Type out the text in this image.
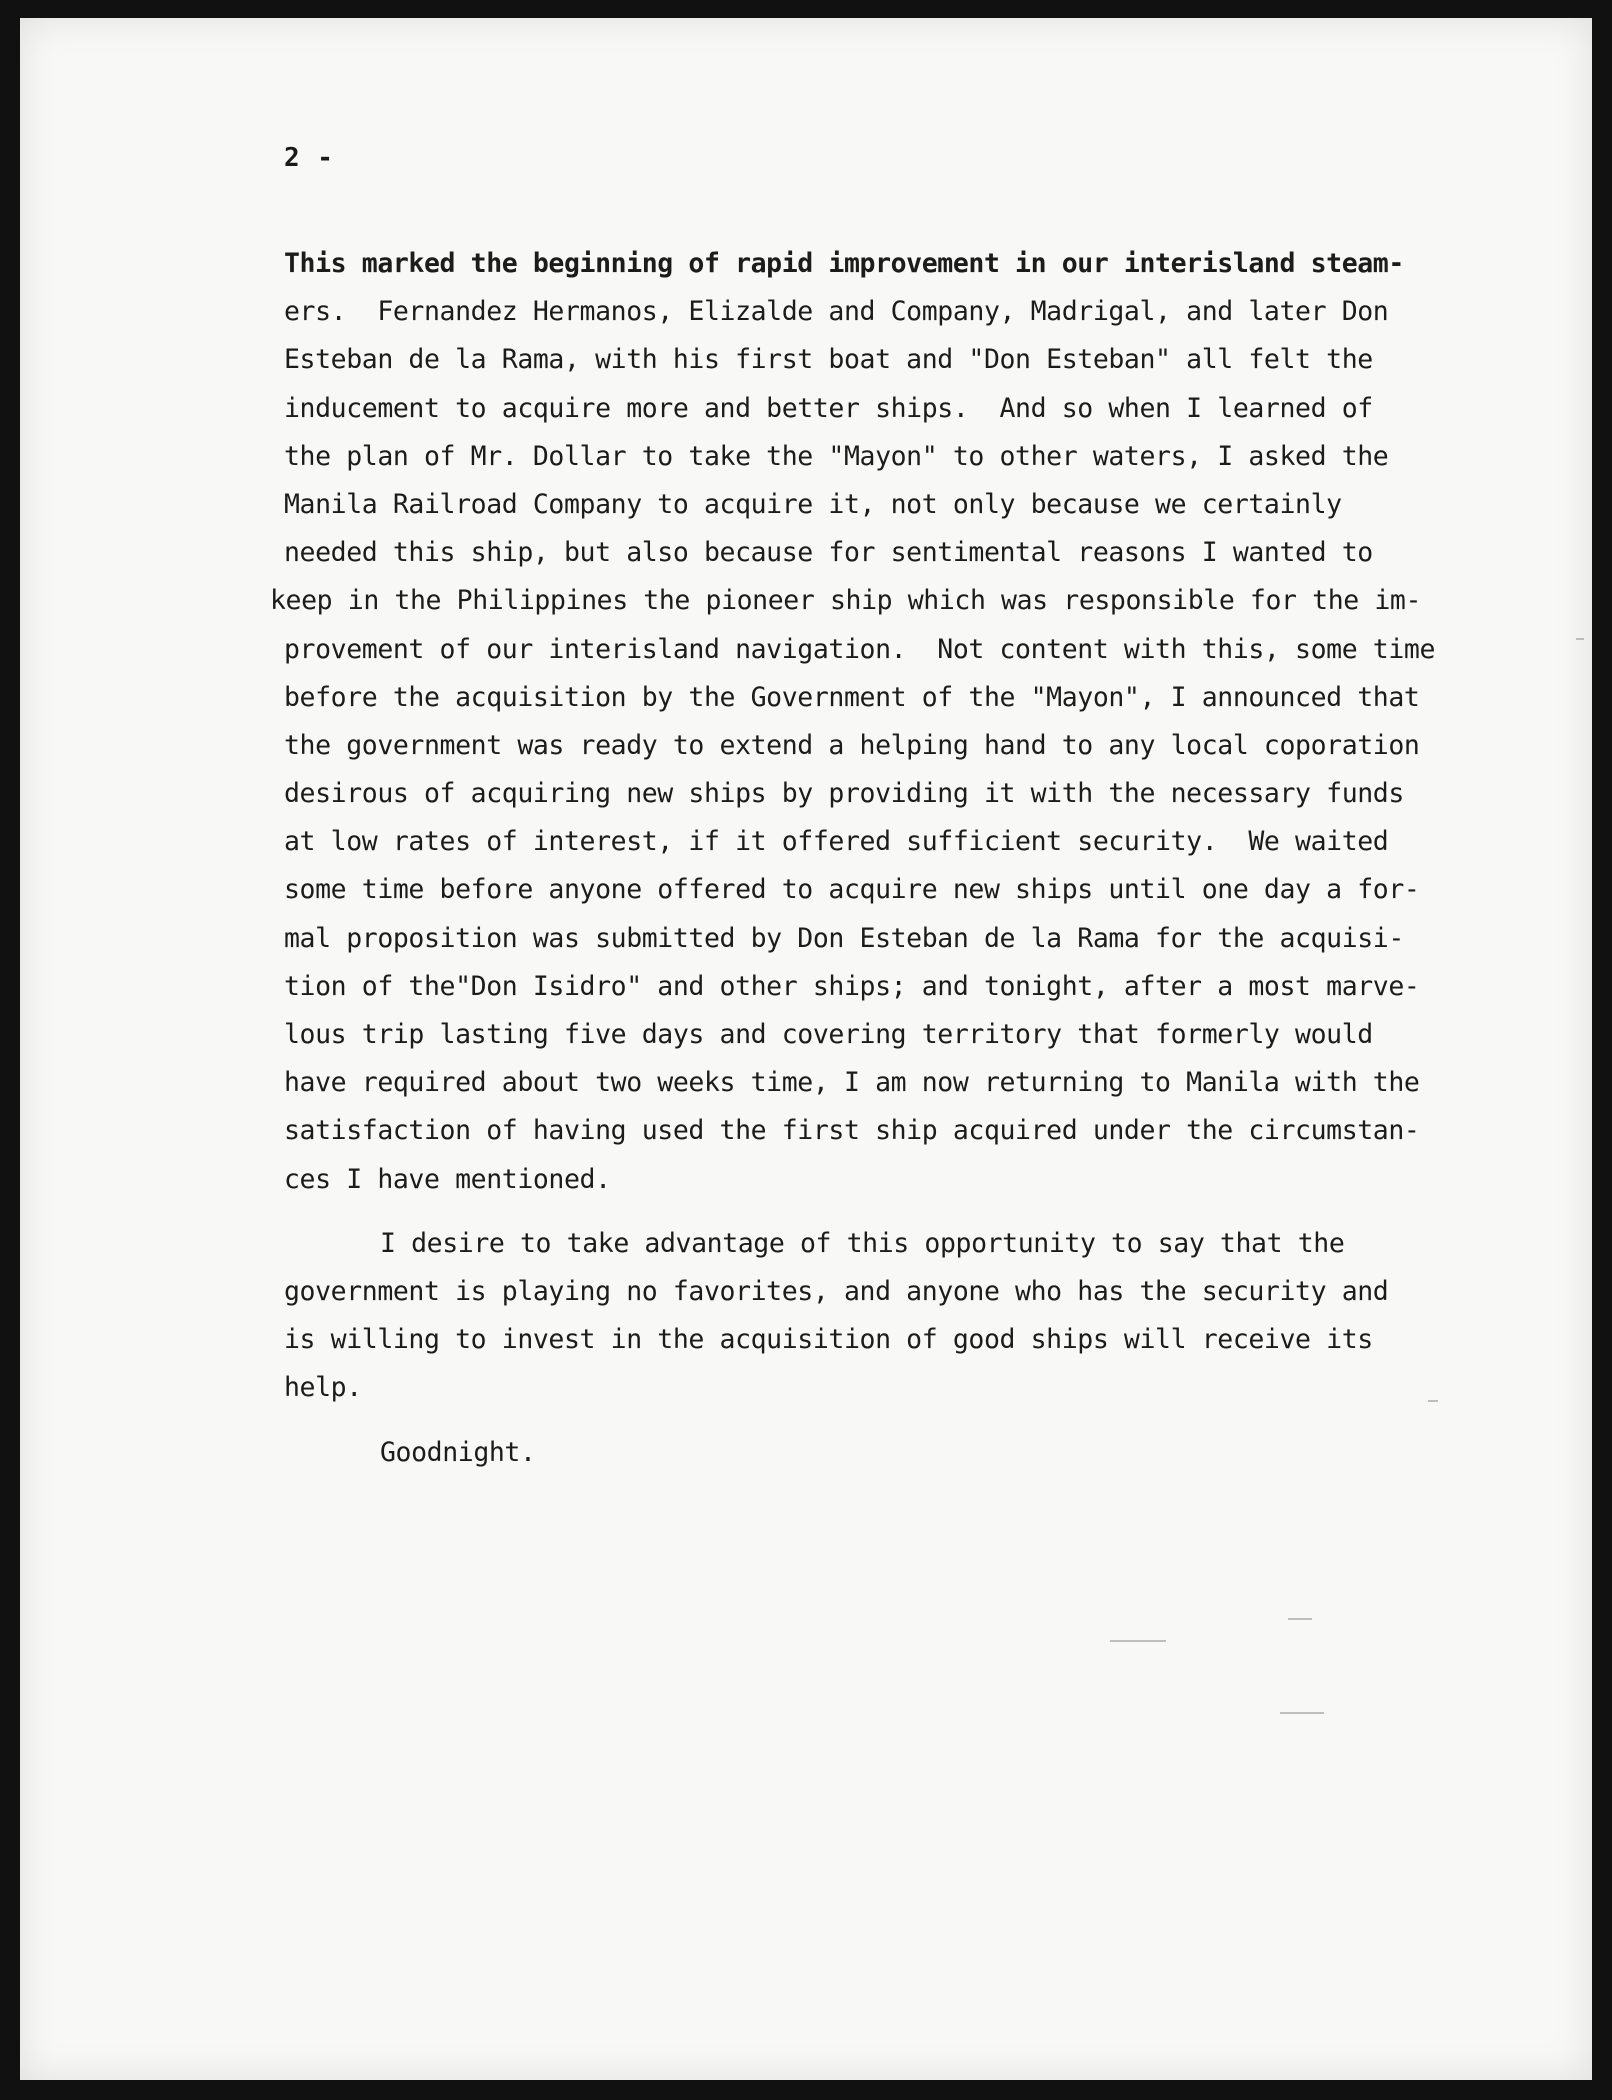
2 -
This marked the beginning of rapid improvement in our interisland steam-
ers.  Fernandez Hermanos, Elizalde and Company, Madrigal, and later Don
Esteban de la Rama, with his first boat and "Don Esteban" all felt the
inducement to acquire more and better ships.  And so when I learned of
the plan of Mr. Dollar to take the "Mayon" to other waters, I asked the
Manila Railroad Company to acquire it, not only because we certainly
needed this ship, but also because for sentimental reasons I wanted to
keep in the Philippines the pioneer ship which was responsible for the im-
provement of our interisland navigation.  Not content with this, some time
before the acquisition by the Government of the "Mayon", I announced that
the government was ready to extend a helping hand to any local coporation
desirous of acquiring new ships by providing it with the necessary funds
at low rates of interest, if it offered sufficient security.  We waited
some time before anyone offered to acquire new ships until one day a for-
mal proposition was submitted by Don Esteban de la Rama for the acquisi-
tion of the"Don Isidro" and other ships; and tonight, after a most marve-
lous trip lasting five days and covering territory that formerly would
have required about two weeks time, I am now returning to Manila with the
satisfaction of having used the first ship acquired under the circumstan-
ces I have mentioned.
I desire to take advantage of this opportunity to say that the
government is playing no favorites, and anyone who has the security and
is willing to invest in the acquisition of good ships will receive its
help.
Goodnight.
